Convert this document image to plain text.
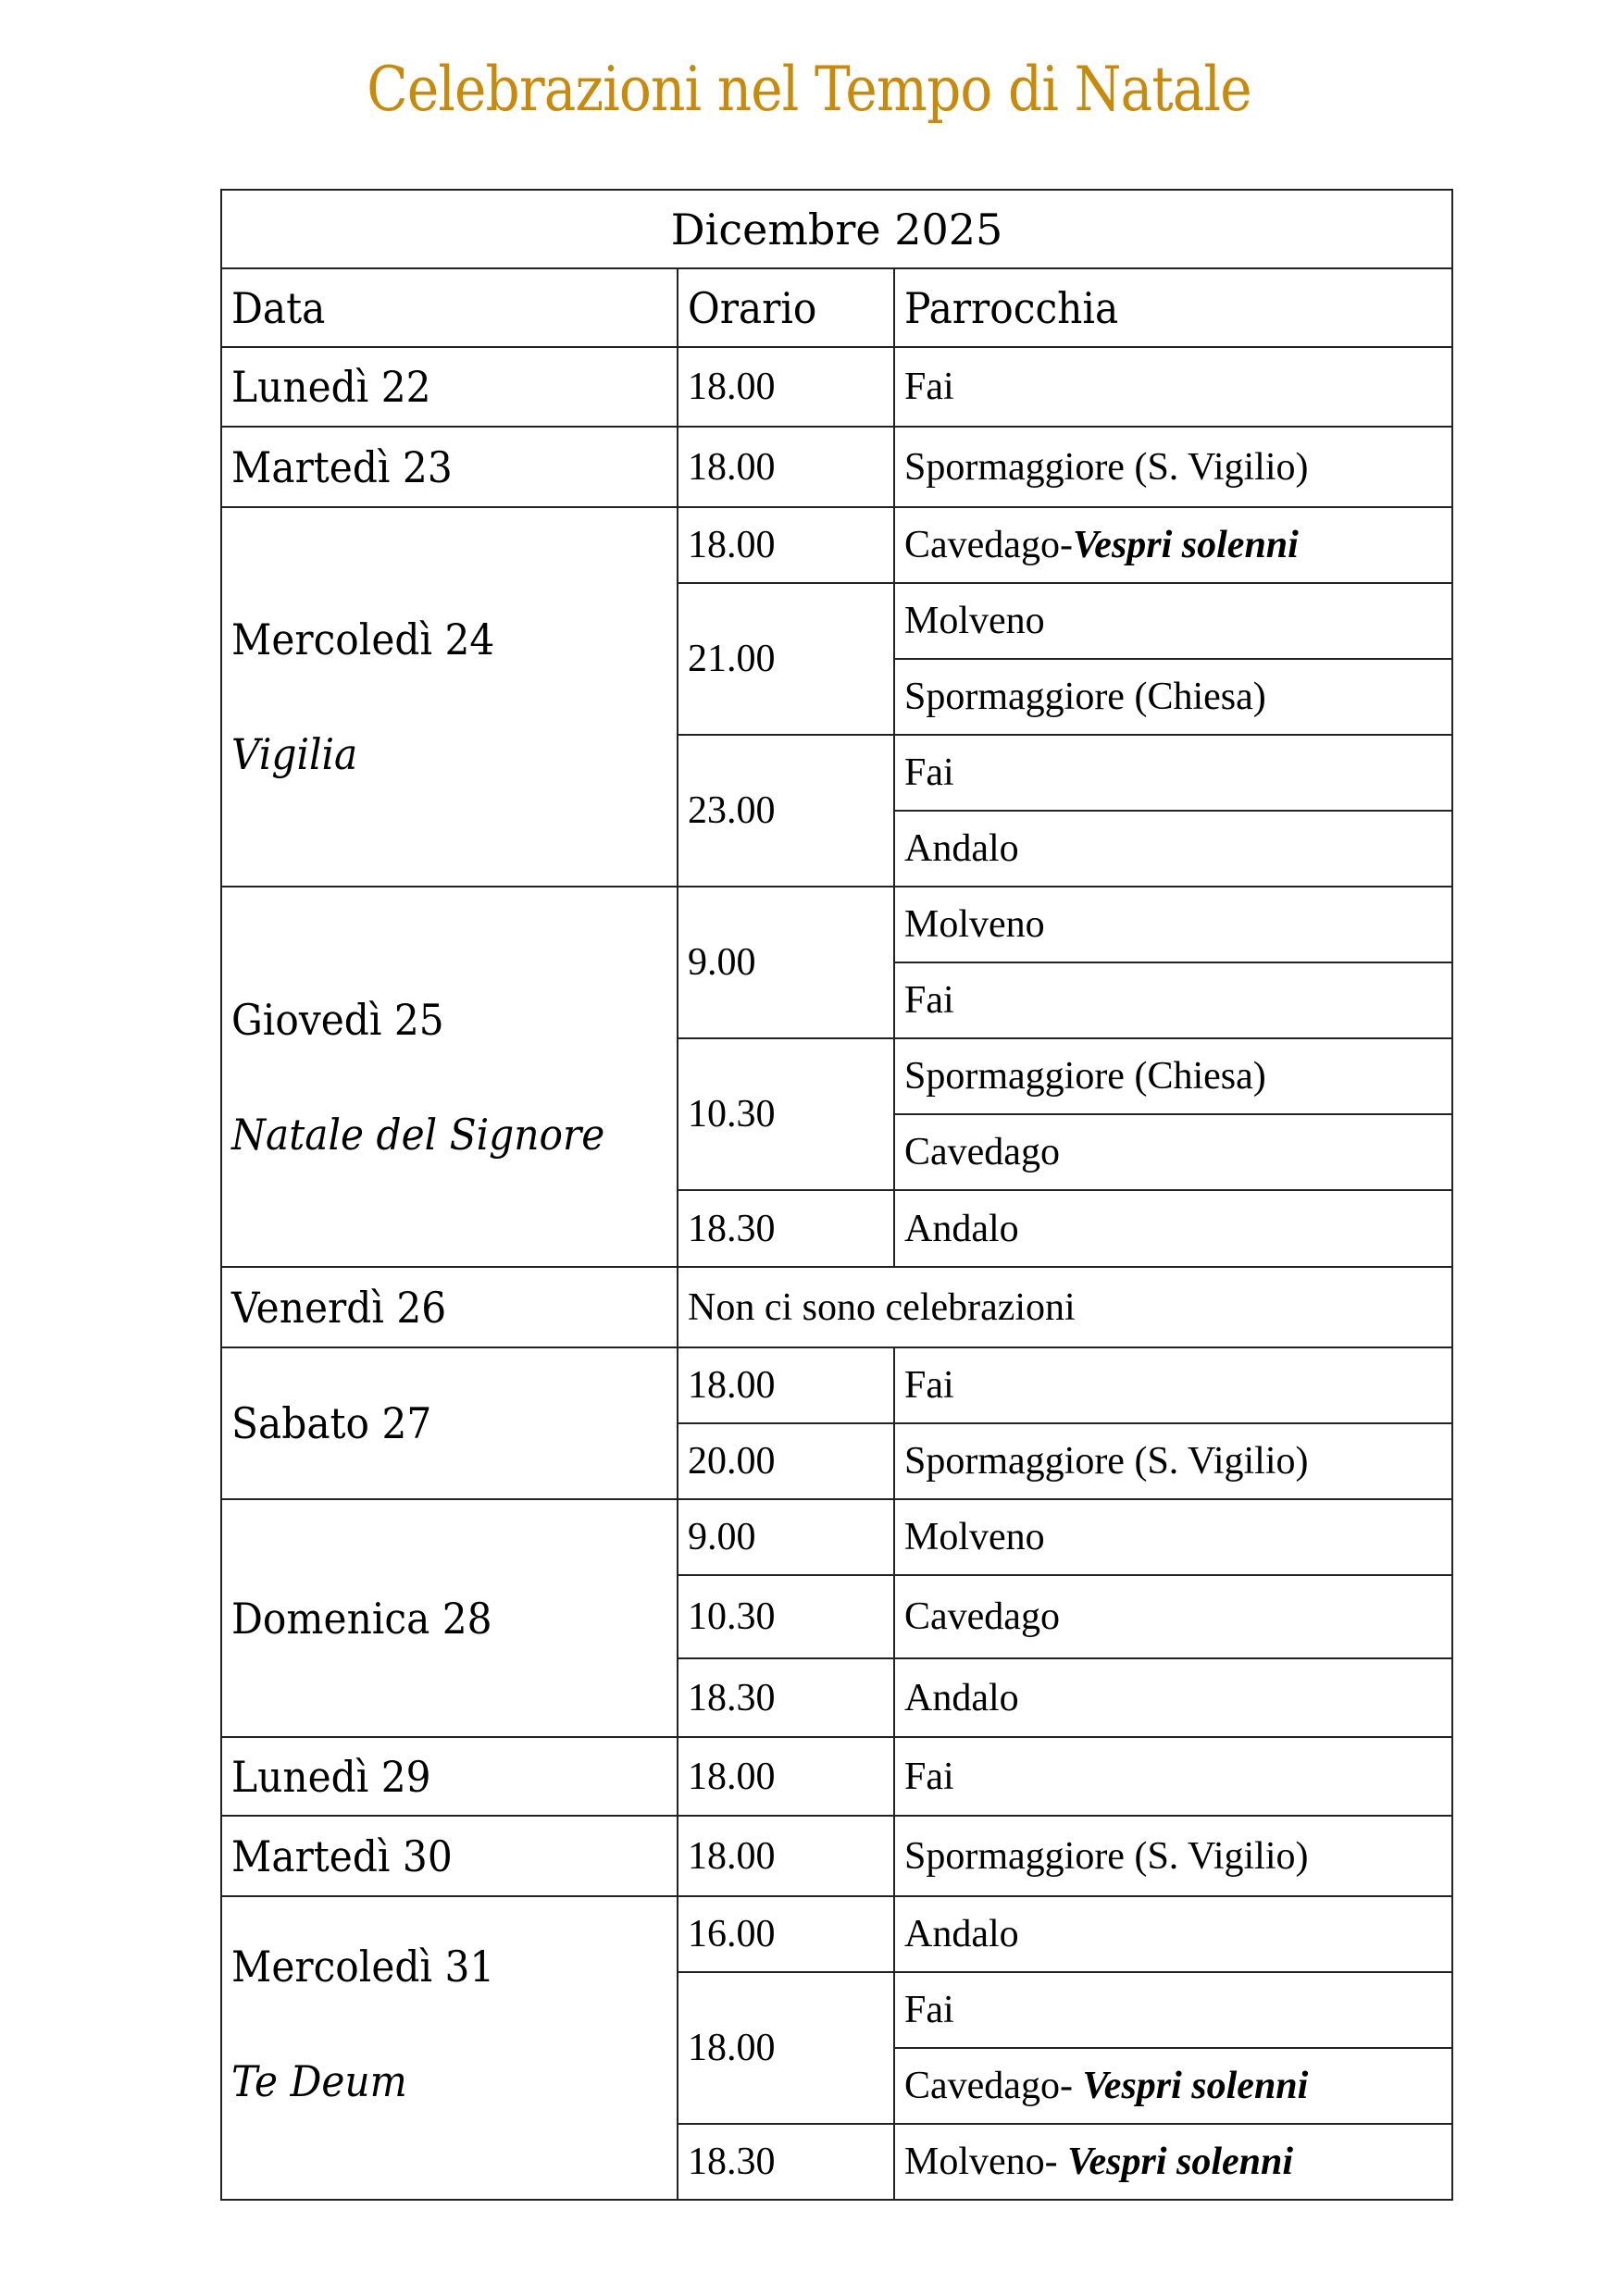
Celebrazioni nel Tempo di Natale
Dicembre 2025		
Data	Orario	Parrocchia

Lunedì 22	18.00	Fai

Martedì 23	18.00	Spormaggiore (S. Vigilio)

Mercoledì 24
Vigilia	18.00	Cavedago-Vespri solenni
	21.00	Molveno
		Spormaggiore (Chiesa)
	23.00	Fai
		Andalo

Giovedì 25
Natale del Signore	9.00	Molveno
		Fai
	10.30	Spormaggiore (Chiesa)
		Cavedago
	18.30	Andalo

Venerdì 26	Non ci sono celebrazioni	

Sabato 27	18.00	Fai
	20.00	Spormaggiore (S. Vigilio)

Domenica 28	9.00	Molveno
	10.30	Cavedago
	18.30	Andalo

Lunedì 29	18.00	Fai

Martedì 30	18.00	Spormaggiore (S. Vigilio)

Mercoledì 31
Te Deum	16.00	Andalo
	18.00	Fai
		Cavedago- Vespri solenni
	18.30	Molveno- Vespri solenni
